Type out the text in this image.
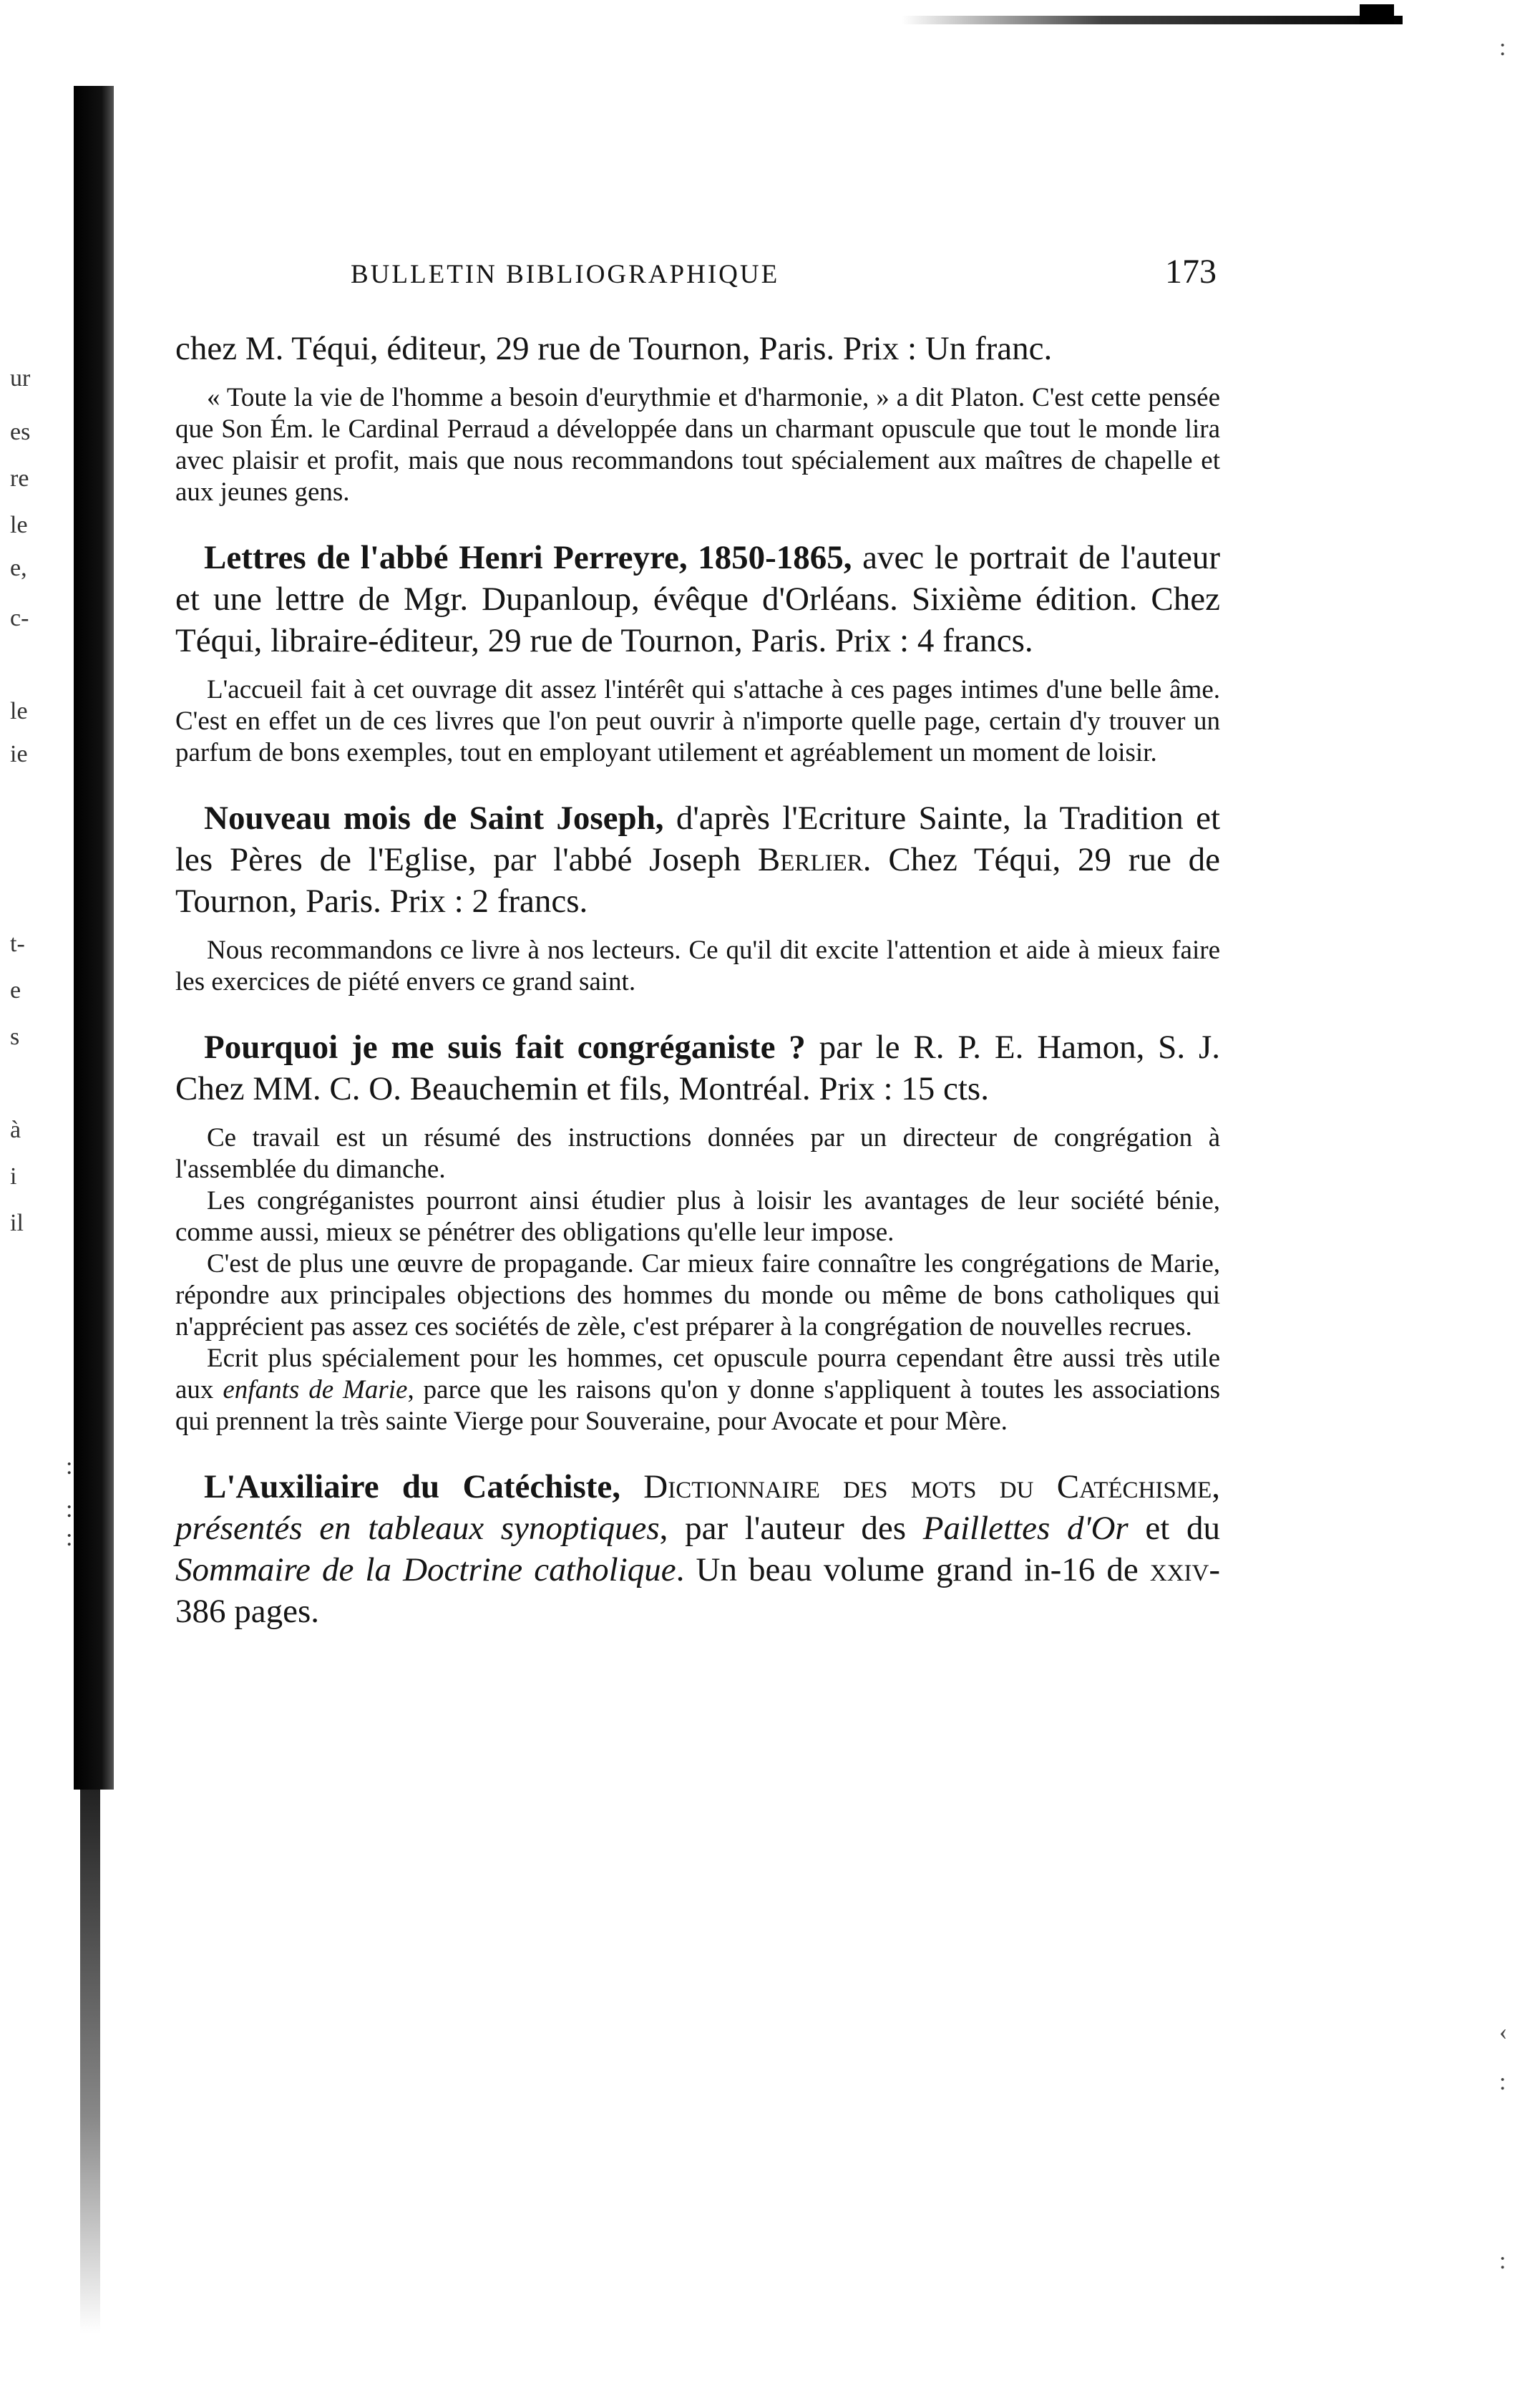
ur
es
re
le
e,
c-
le
ie
t-
e
s
à
i
il
:
‹
:
:
:
:
:
BULLETIN BIBLIOGRAPHIQUE	173

chez M. Téqui, éditeur, 29 rue de Tournon, Paris. Prix : Un franc.

« Toute la vie de l'homme a besoin d'eurythmie et d'harmonie, » a dit Platon. C'est cette pensée que Son Ém. le Cardinal Perraud a développée dans un charmant opuscule que tout le monde lira avec plaisir et profit, mais que nous recommandons tout spécialement aux maîtres de chapelle et aux jeunes gens.

Lettres de l'abbé Henri Perreyre, 1850-1865, avec le portrait de l'auteur et une lettre de Mgr. Dupanloup, évêque d'Orléans. Sixième édition. Chez Téqui, libraire-éditeur, 29 rue de Tournon, Paris. Prix : 4 francs.

L'accueil fait à cet ouvrage dit assez l'intérêt qui s'attache à ces pages intimes d'une belle âme. C'est en effet un de ces livres que l'on peut ouvrir à n'importe quelle page, certain d'y trouver un parfum de bons exemples, tout en employant utilement et agréablement un moment de loisir.

Nouveau mois de Saint Joseph, d'après l'Ecriture Sainte, la Tradition et les Pères de l'Eglise, par l'abbé Joseph Berlier. Chez Téqui, 29 rue de Tournon, Paris. Prix : 2 francs.

Nous recommandons ce livre à nos lecteurs. Ce qu'il dit excite l'attention et aide à mieux faire les exercices de piété envers ce grand saint.

Pourquoi je me suis fait congréganiste ? par le R. P. E. Hamon, S. J. Chez MM. C. O. Beauchemin et fils, Montréal. Prix : 15 cts.

Ce travail est un résumé des instructions données par un directeur de congrégation à l'assemblée du dimanche.

Les congréganistes pourront ainsi étudier plus à loisir les avantages de leur société bénie, comme aussi, mieux se pénétrer des obligations qu'elle leur impose.

C'est de plus une œuvre de propagande. Car mieux faire connaître les congrégations de Marie, répondre aux principales objections des hommes du monde ou même de bons catholiques qui n'apprécient pas assez ces sociétés de zèle, c'est préparer à la congrégation de nouvelles recrues.

Ecrit plus spécialement pour les hommes, cet opuscule pourra cependant être aussi très utile aux enfants de Marie, parce que les raisons qu'on y donne s'appliquent à toutes les associations qui prennent la très sainte Vierge pour Souveraine, pour Avocate et pour Mère.

L'Auxiliaire du Catéchiste, Dictionnaire des mots du Catéchisme, présentés en tableaux synoptiques, par l'auteur des Paillettes d'Or et du Sommaire de la Doctrine catholique. Un beau volume grand in-16 de xxiv-386 pages.
